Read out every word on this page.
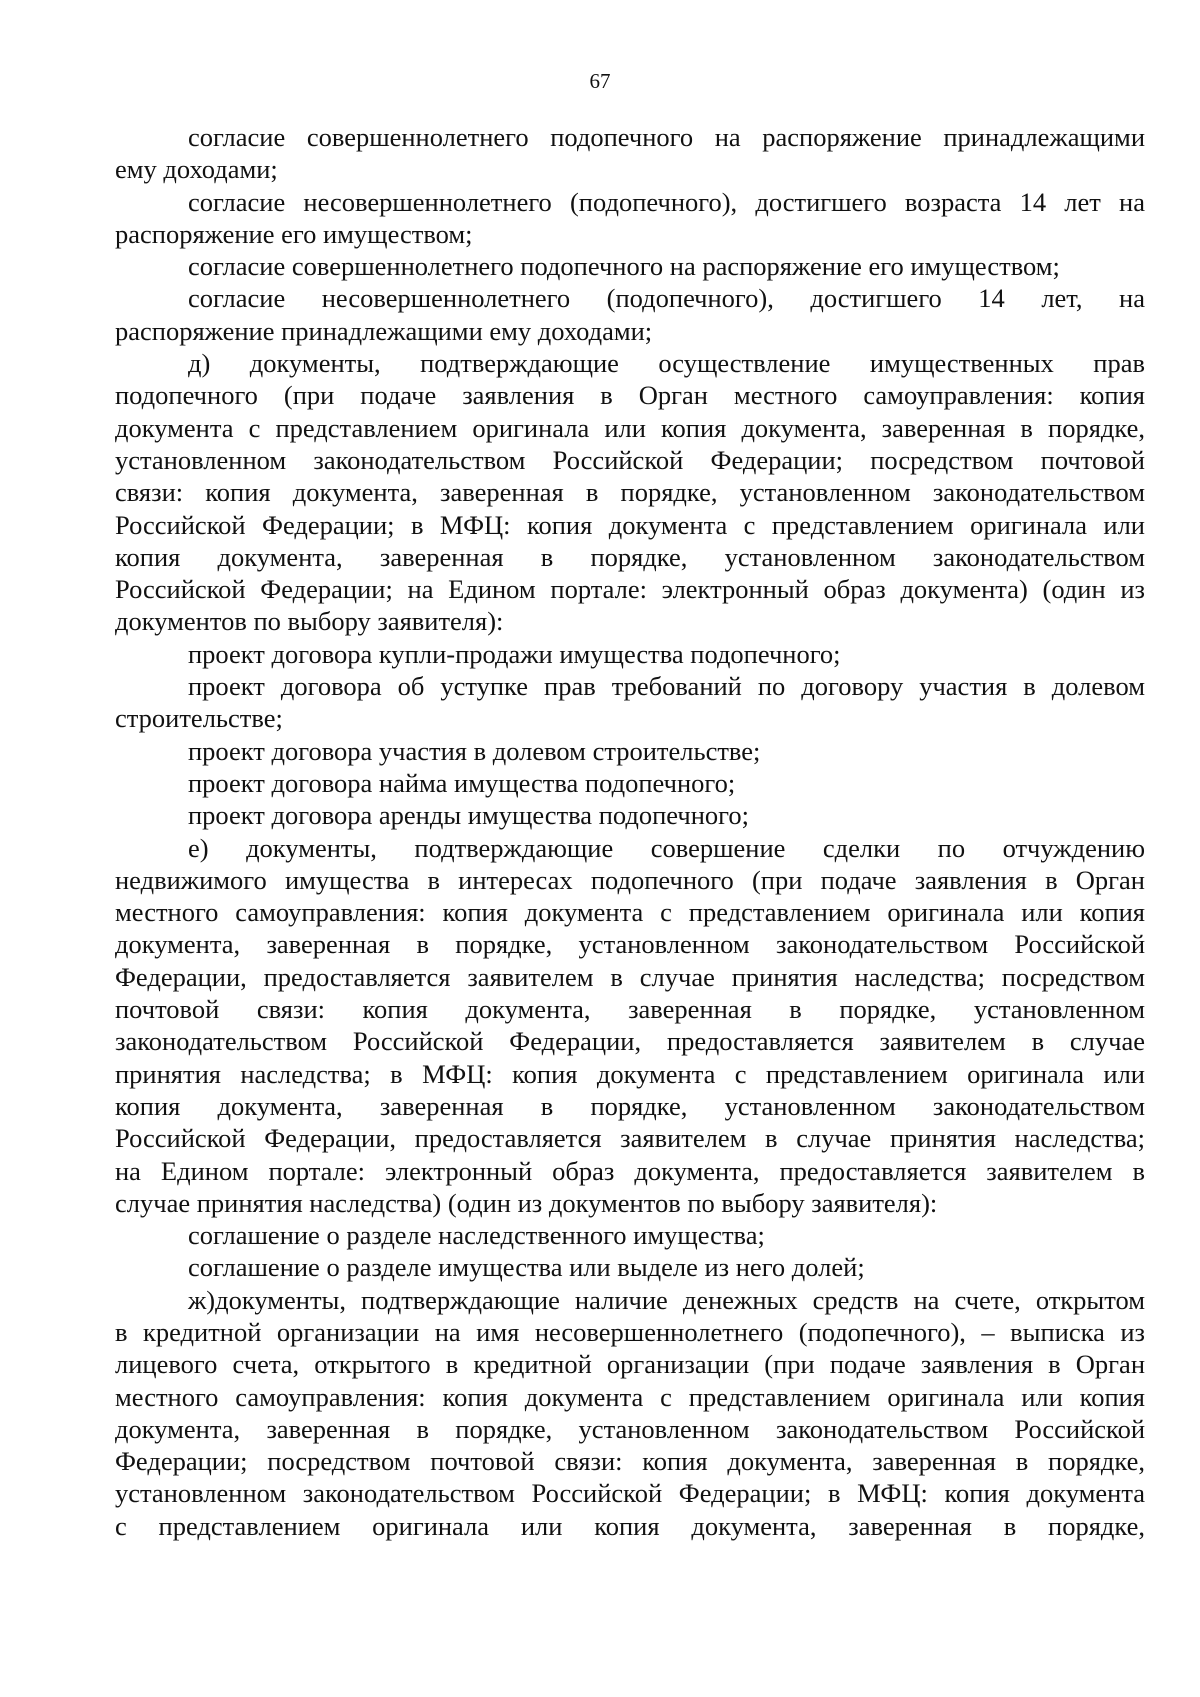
67
согласие совершеннолетнего подопечного на распоряжение принадлежащими
ему доходами;
согласие несовершеннолетнего (подопечного), достигшего возраста 14 лет на
распоряжение его имуществом;
согласие совершеннолетнего подопечного на распоряжение его имуществом;
согласие несовершеннолетнего (подопечного), достигшего 14 лет, на
распоряжение принадлежащими ему доходами;
д) документы, подтверждающие осуществление имущественных прав
подопечного (при подаче заявления в Орган местного самоуправления: копия
документа с представлением оригинала или копия документа, заверенная в порядке,
установленном законодательством Российской Федерации; посредством почтовой
связи: копия документа, заверенная в порядке, установленном законодательством
Российской Федерации; в МФЦ: копия документа с представлением оригинала или
копия документа, заверенная в порядке, установленном законодательством
Российской Федерации; на Едином портале: электронный образ документа) (один из
документов по выбору заявителя):
проект договора купли-продажи имущества подопечного;
проект договора об уступке прав требований по договору участия в долевом
строительстве;
проект договора участия в долевом строительстве;
проект договора найма имущества подопечного;
проект договора аренды имущества подопечного;
е) документы, подтверждающие совершение сделки по отчуждению
недвижимого имущества в интересах подопечного (при подаче заявления в Орган
местного самоуправления: копия документа с представлением оригинала или копия
документа, заверенная в порядке, установленном законодательством Российской
Федерации, предоставляется заявителем в случае принятия наследства; посредством
почтовой связи: копия документа, заверенная в порядке, установленном
законодательством Российской Федерации, предоставляется заявителем в случае
принятия наследства; в МФЦ: копия документа с представлением оригинала или
копия документа, заверенная в порядке, установленном законодательством
Российской Федерации, предоставляется заявителем в случае принятия наследства;
на Едином портале: электронный образ документа, предоставляется заявителем в
случае принятия наследства) (один из документов по выбору заявителя):
соглашение о разделе наследственного имущества;
соглашение о разделе имущества или выделе из него долей;
ж)документы, подтверждающие наличие денежных средств на счете, открытом
в кредитной организации на имя несовершеннолетнего (подопечного), – выписка из
лицевого счета, открытого в кредитной организации (при подаче заявления в Орган
местного самоуправления: копия документа с представлением оригинала или копия
документа, заверенная в порядке, установленном законодательством Российской
Федерации; посредством почтовой связи: копия документа, заверенная в порядке,
установленном законодательством Российской Федерации; в МФЦ: копия документа
с представлением оригинала или копия документа, заверенная в порядке,
